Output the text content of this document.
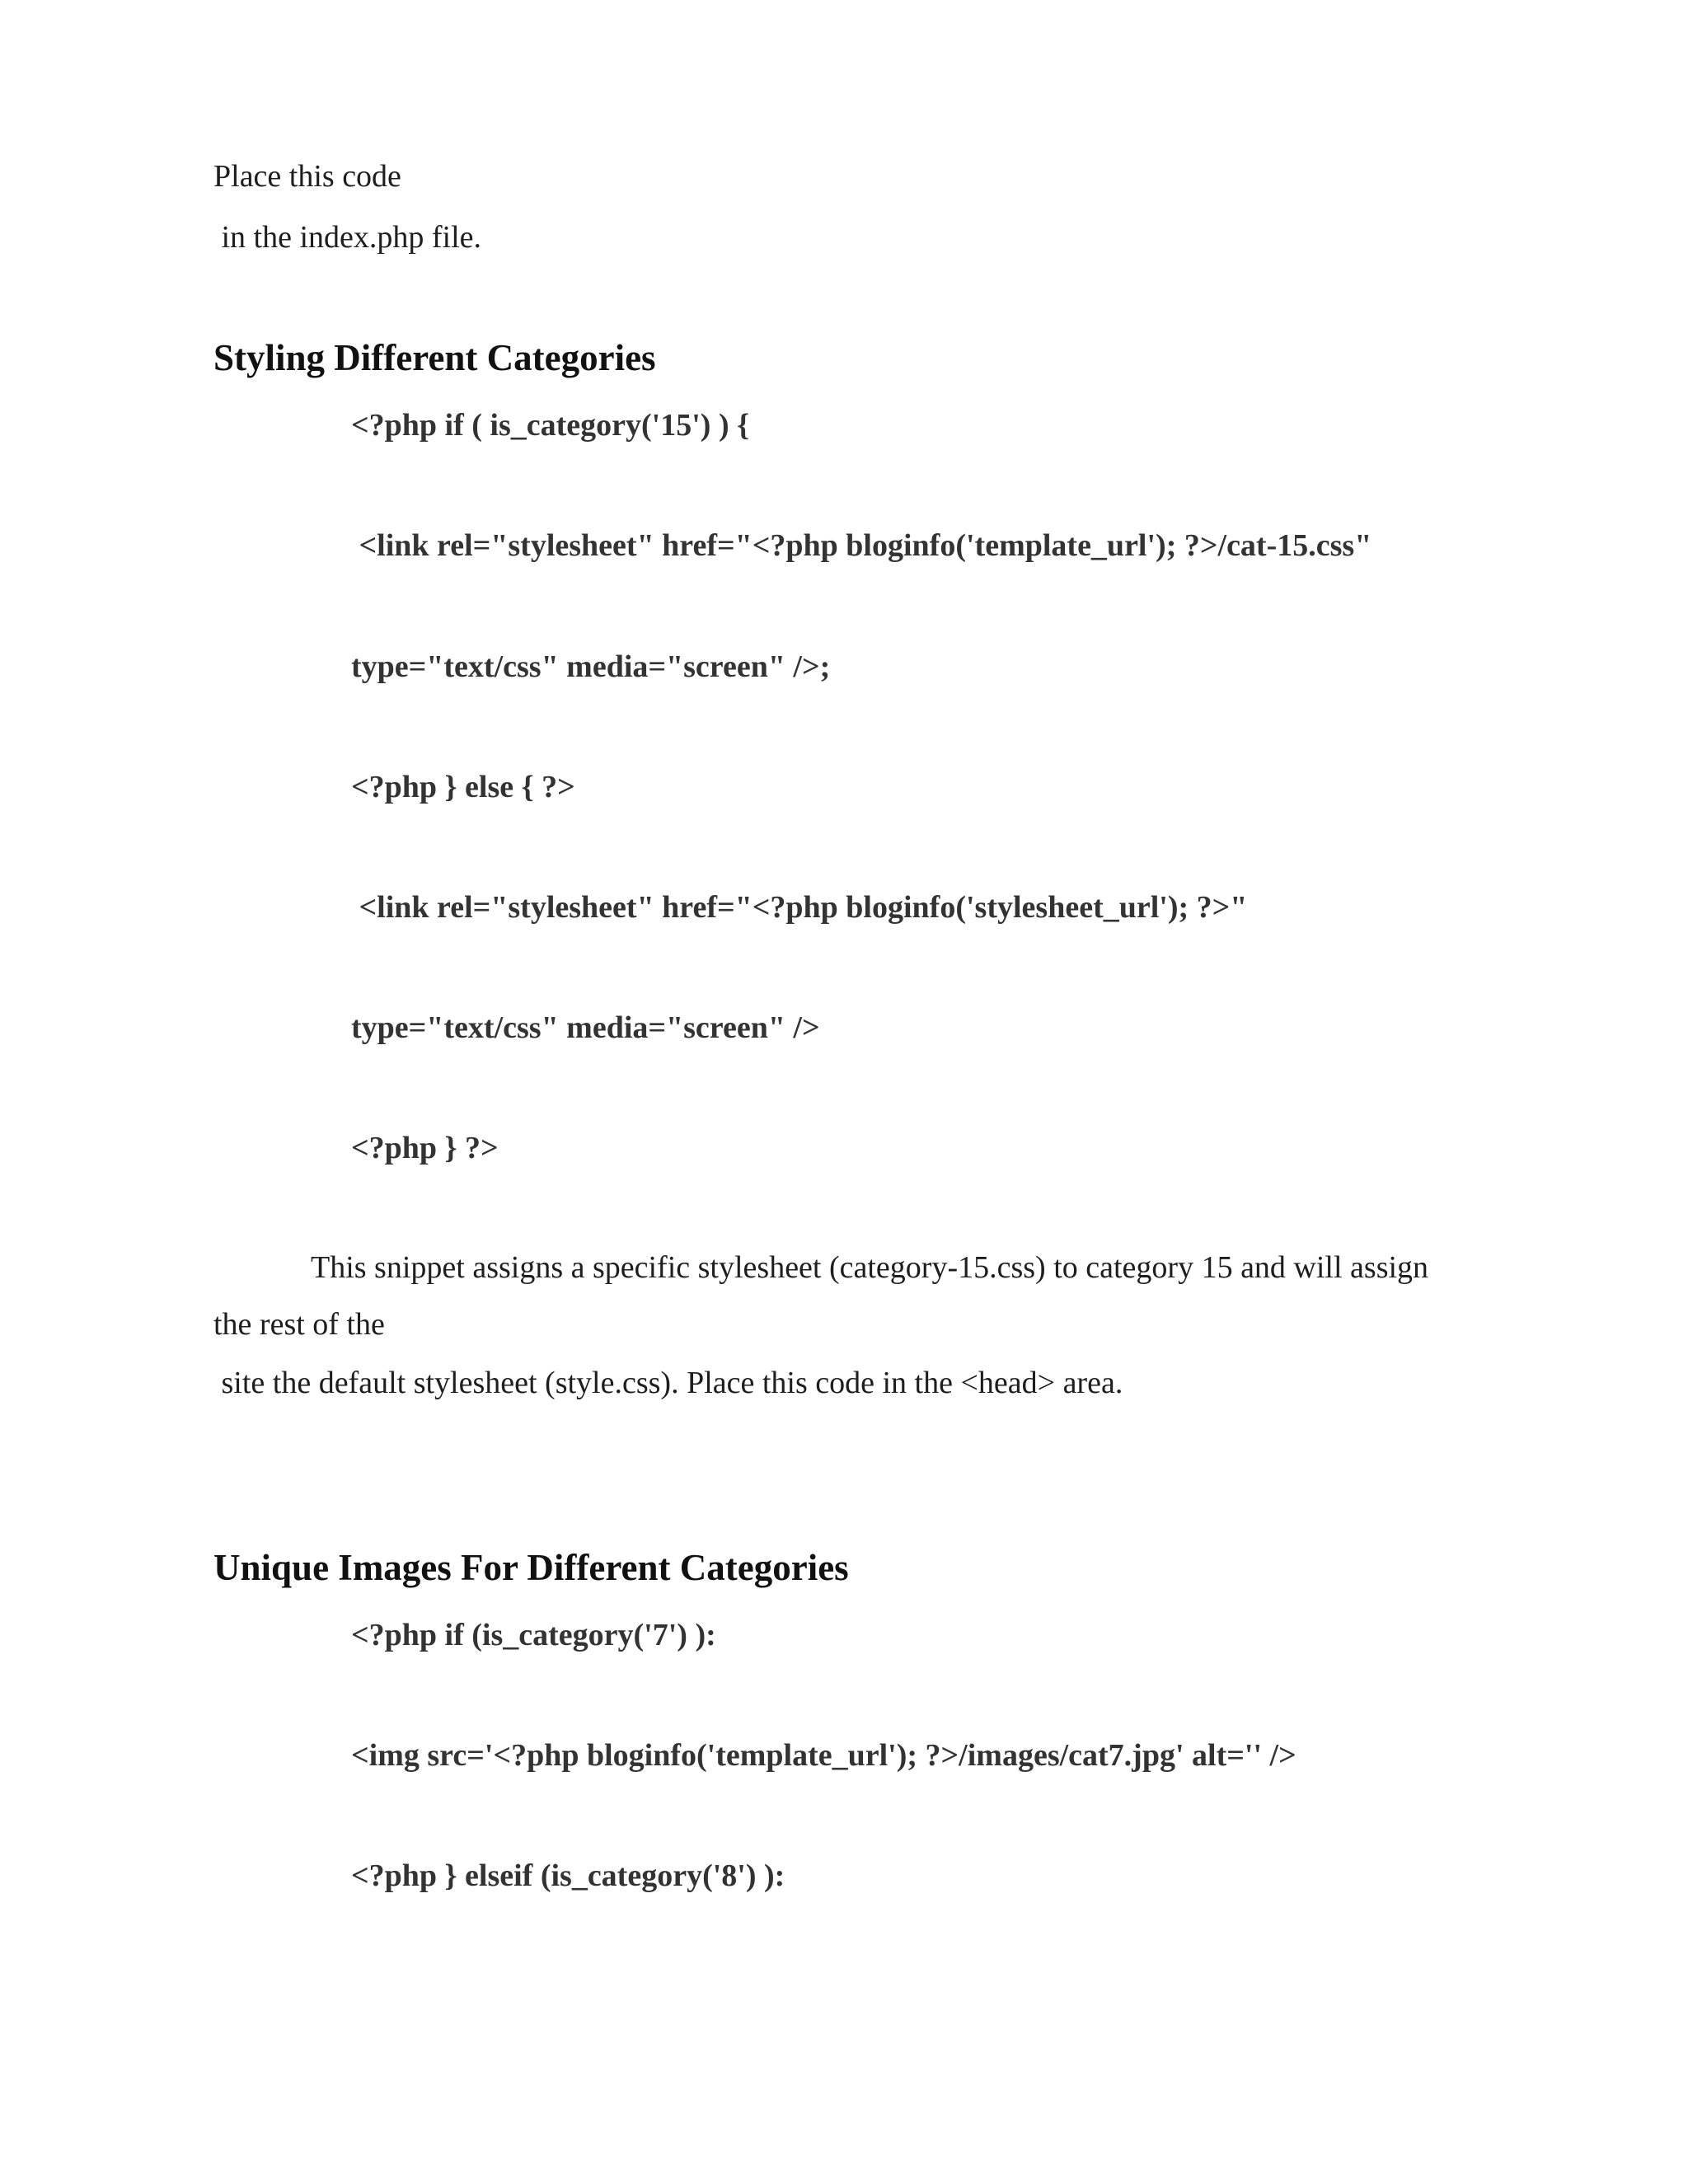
Place this code
in the index.php file.
Styling Different Categories
<?php if ( is_category('15') ) {
<link rel="stylesheet" href="<?php bloginfo('template_url'); ?>/cat-15.css"
type="text/css" media="screen" />;
<?php } else { ?>
<link rel="stylesheet" href="<?php bloginfo('stylesheet_url'); ?>"
type="text/css" media="screen" />
<?php } ?>
This snippet assigns a specific stylesheet (category-15.css) to category 15 and will assign
the rest of the
site the default stylesheet (style.css). Place this code in the <head> area.
Unique Images For Different Categories
<?php if (is_category('7') ):
<img src='<?php bloginfo('template_url'); ?>/images/cat7.jpg' alt='' />
<?php } elseif (is_category('8') ):
